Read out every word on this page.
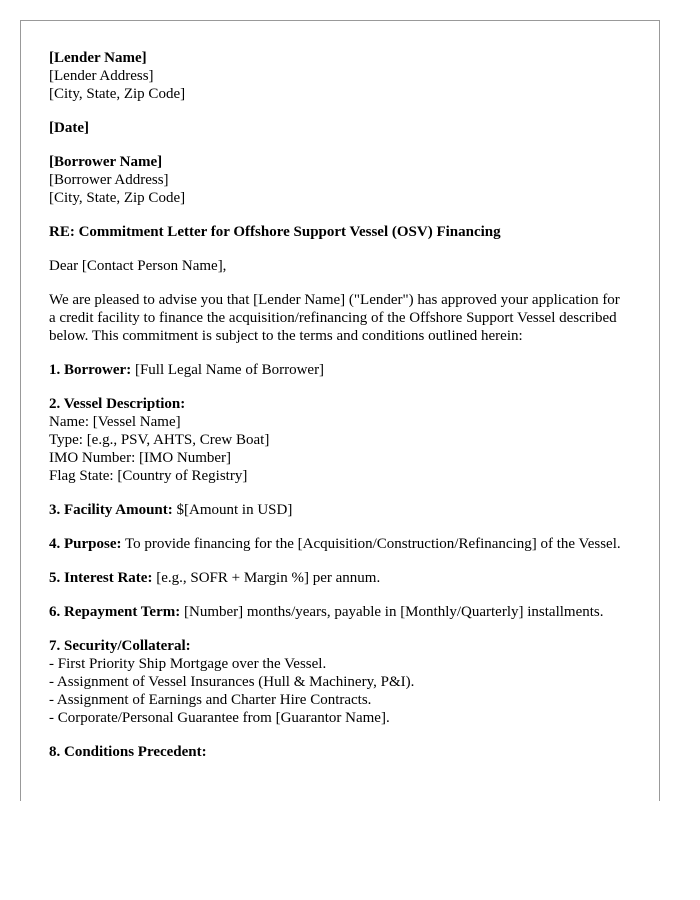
[Lender Name]
[Lender Address]
[City, State, Zip Code]
[Date]
[Borrower Name]
[Borrower Address]
[City, State, Zip Code]
RE: Commitment Letter for Offshore Support Vessel (OSV) Financing
Dear [Contact Person Name],
We are pleased to advise you that [Lender Name] ("Lender") has approved your application for a credit facility to finance the acquisition/refinancing of the Offshore Support Vessel described below. This commitment is subject to the terms and conditions outlined herein:
1. Borrower: [Full Legal Name of Borrower]
2. Vessel Description:
Name: [Vessel Name]
Type: [e.g., PSV, AHTS, Crew Boat]
IMO Number: [IMO Number]
Flag State: [Country of Registry]
3. Facility Amount: $[Amount in USD]
4. Purpose: To provide financing for the [Acquisition/Construction/Refinancing] of the Vessel.
5. Interest Rate: [e.g., SOFR + Margin %] per annum.
6. Repayment Term: [Number] months/years, payable in [Monthly/Quarterly] installments.
7. Security/Collateral:
- First Priority Ship Mortgage over the Vessel.
- Assignment of Vessel Insurances (Hull & Machinery, P&I).
- Assignment of Earnings and Charter Hire Contracts.
- Corporate/Personal Guarantee from [Guarantor Name].
8. Conditions Precedent:
